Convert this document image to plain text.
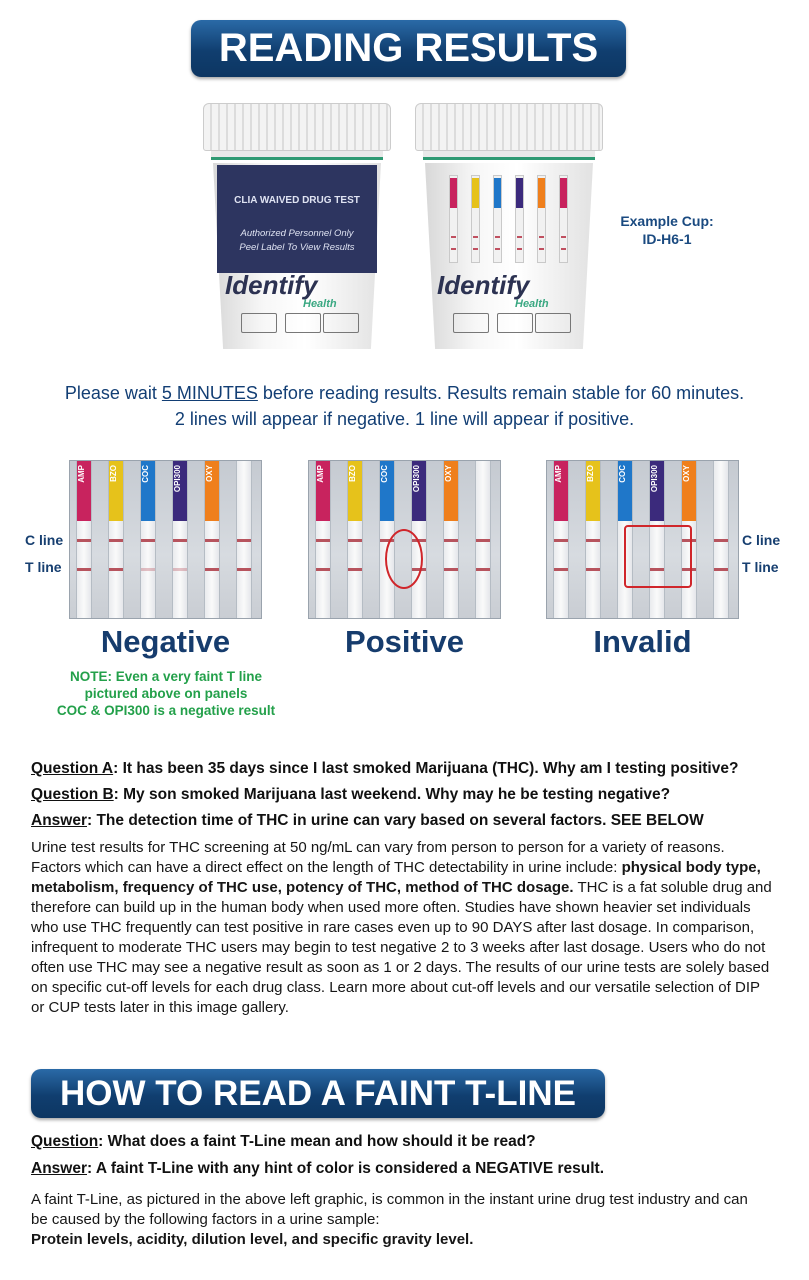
READING RESULTS
CLIA WAIVED DRUG TEST
Authorized Personnel Only
Peel Label To View Results
Identify
Health
Identify
Health
Example Cup:
ID-H6-1
Please wait 5 MINUTES before reading results. Results remain stable for 60 minutes.
2 lines will appear if negative. 1 line will appear if positive.
OXY
OPI300
COC
BZO
AMP	OXY
OPI300
COC
BZO
AMP	OXY
OPI300
COC
BZO
AMP
C line
T line
C line
T line
Negative	Positive	Invalid
NOTE: Even a very faint T line
pictured above on panels
COC & OPI300 is a negative result
Question A: It has been 35 days since I last smoked Marijuana (THC). Why am I testing positive?
Question B: My son smoked Marijuana last weekend. Why may he be testing negative?
Answer: The detection time of THC in urine can vary based on several factors. SEE BELOW
Urine test results for THC screening at 50 ng/mL can vary from person to person for a variety of reasons. Factors which can have a direct effect on the length of THC detectability in urine include: physical body type, metabolism, frequency of THC use, potency of THC, method of THC dosage. THC is a fat soluble drug and therefore can build up in the human body when used more often. Studies have shown heavier set individuals who use THC frequently can test positive in rare cases even up to 90 DAYS after last dosage. In comparison, infrequent to moderate THC users may begin to test negative 2 to 3 weeks after last dosage. Users who do not often use THC may see a negative result as soon as 1 or 2 days. The results of our urine tests are solely based on specific cut-off levels for each drug class. Learn more about cut-off levels and our versatile selection of DIP or CUP tests later in this image gallery.
HOW TO READ A FAINT T-LINE
Question: What does a faint T-Line mean and how should it be read?
Answer: A faint T-Line with any hint of color is considered a NEGATIVE result.
A faint T-Line, as pictured in the above left graphic, is common in the instant urine drug test industry and can be caused by the following factors in a urine sample:
Protein levels, acidity, dilution level, and specific gravity level.
